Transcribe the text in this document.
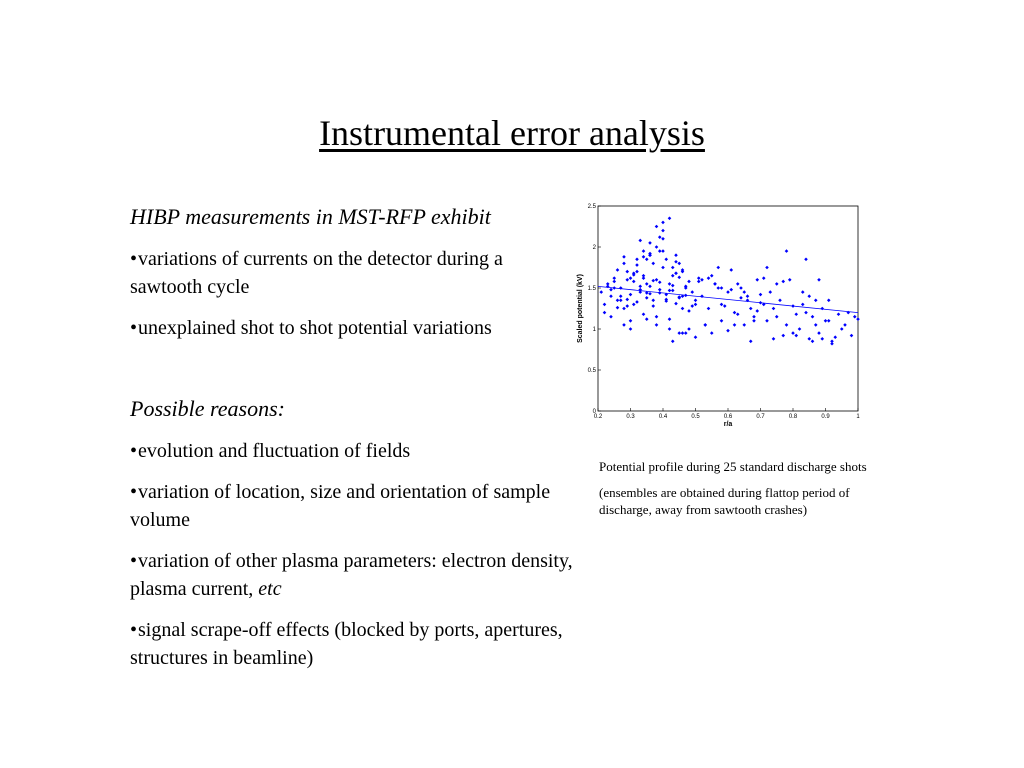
Instrumental error analysis
HIBP measurements in MST-RFP exhibit
•variations of currents on the detector during a sawtooth cycle
•unexplained shot to shot potential variations
Possible reasons:
•evolution and fluctuation of fields
•variation of location, size and orientation of sample volume
•variation of other plasma parameters: electron density, plasma current, etc
•signal scrape-off effects (blocked by ports, apertures, structures in beamline)
0.2	0.3	0.4	0.5	0.6	0.7	0.8	0.9	1
0
0.5
1
1.5
2
2.5
r/a
Scaled potential (kV)
Potential profile during 25 standard discharge shots
(ensembles are obtained during flattop period of discharge, away from sawtooth crashes)
